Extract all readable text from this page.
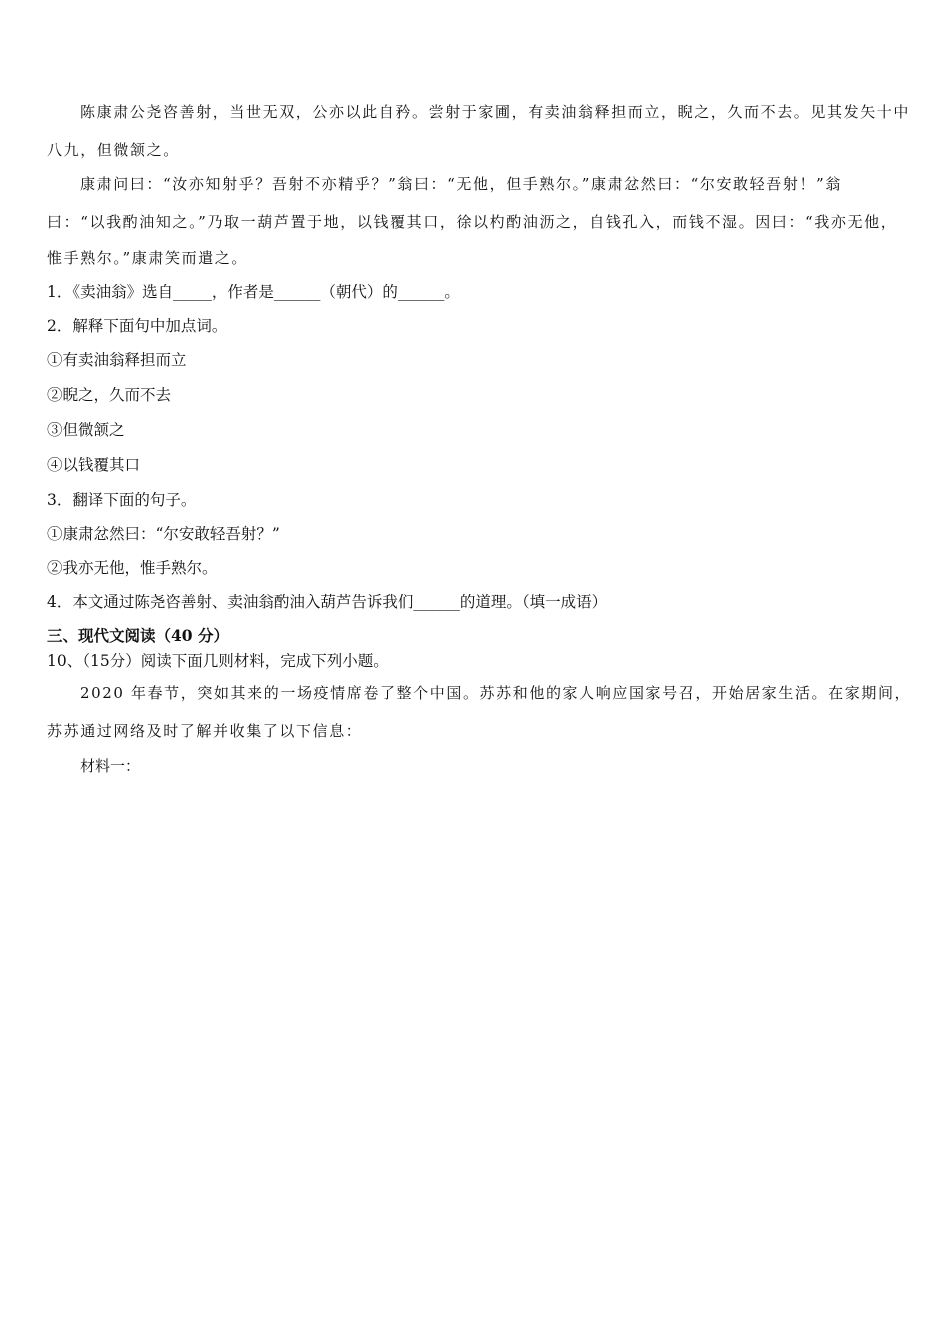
陈康肃公尧咨善射，当世无双，公亦以此自矜。尝射于家圃，有卖油翁释担而立，睨之，久而不去。见其发矢十中
八九，但微颔之。
康肃问曰：“汝亦知射乎？吾射不亦精乎？”翁曰：“无他，但手熟尔。”康肃忿然曰：“尔安敢轻吾射！”翁
曰：“以我酌油知之。”乃取一葫芦置于地，以钱覆其口，徐以杓酌油沥之，自钱孔入，而钱不湿。因曰：“我亦无他，
惟手熟尔。”康肃笑而遣之。
1．《卖油翁》选自_____，作者是______（朝代）的______。
2．解释下面句中加点词。
①有卖油翁释担而立
②睨之，久而不去
③但微颔之
④以钱覆其口
3．翻译下面的句子。
①康肃忿然曰：“尔安敢轻吾射？”
②我亦无他，惟手熟尔。
4．本文通过陈尧咨善射、卖油翁酌油入葫芦告诉我们______的道理。（填一成语）
三、现代文阅读（40 分）
10、（15分）阅读下面几则材料，完成下列小题。
2020 年春节，突如其来的一场疫情席卷了整个中国。苏苏和他的家人响应国家号召，开始居家生活。在家期间，
苏苏通过网络及时了解并收集了以下信息：
材料一：
